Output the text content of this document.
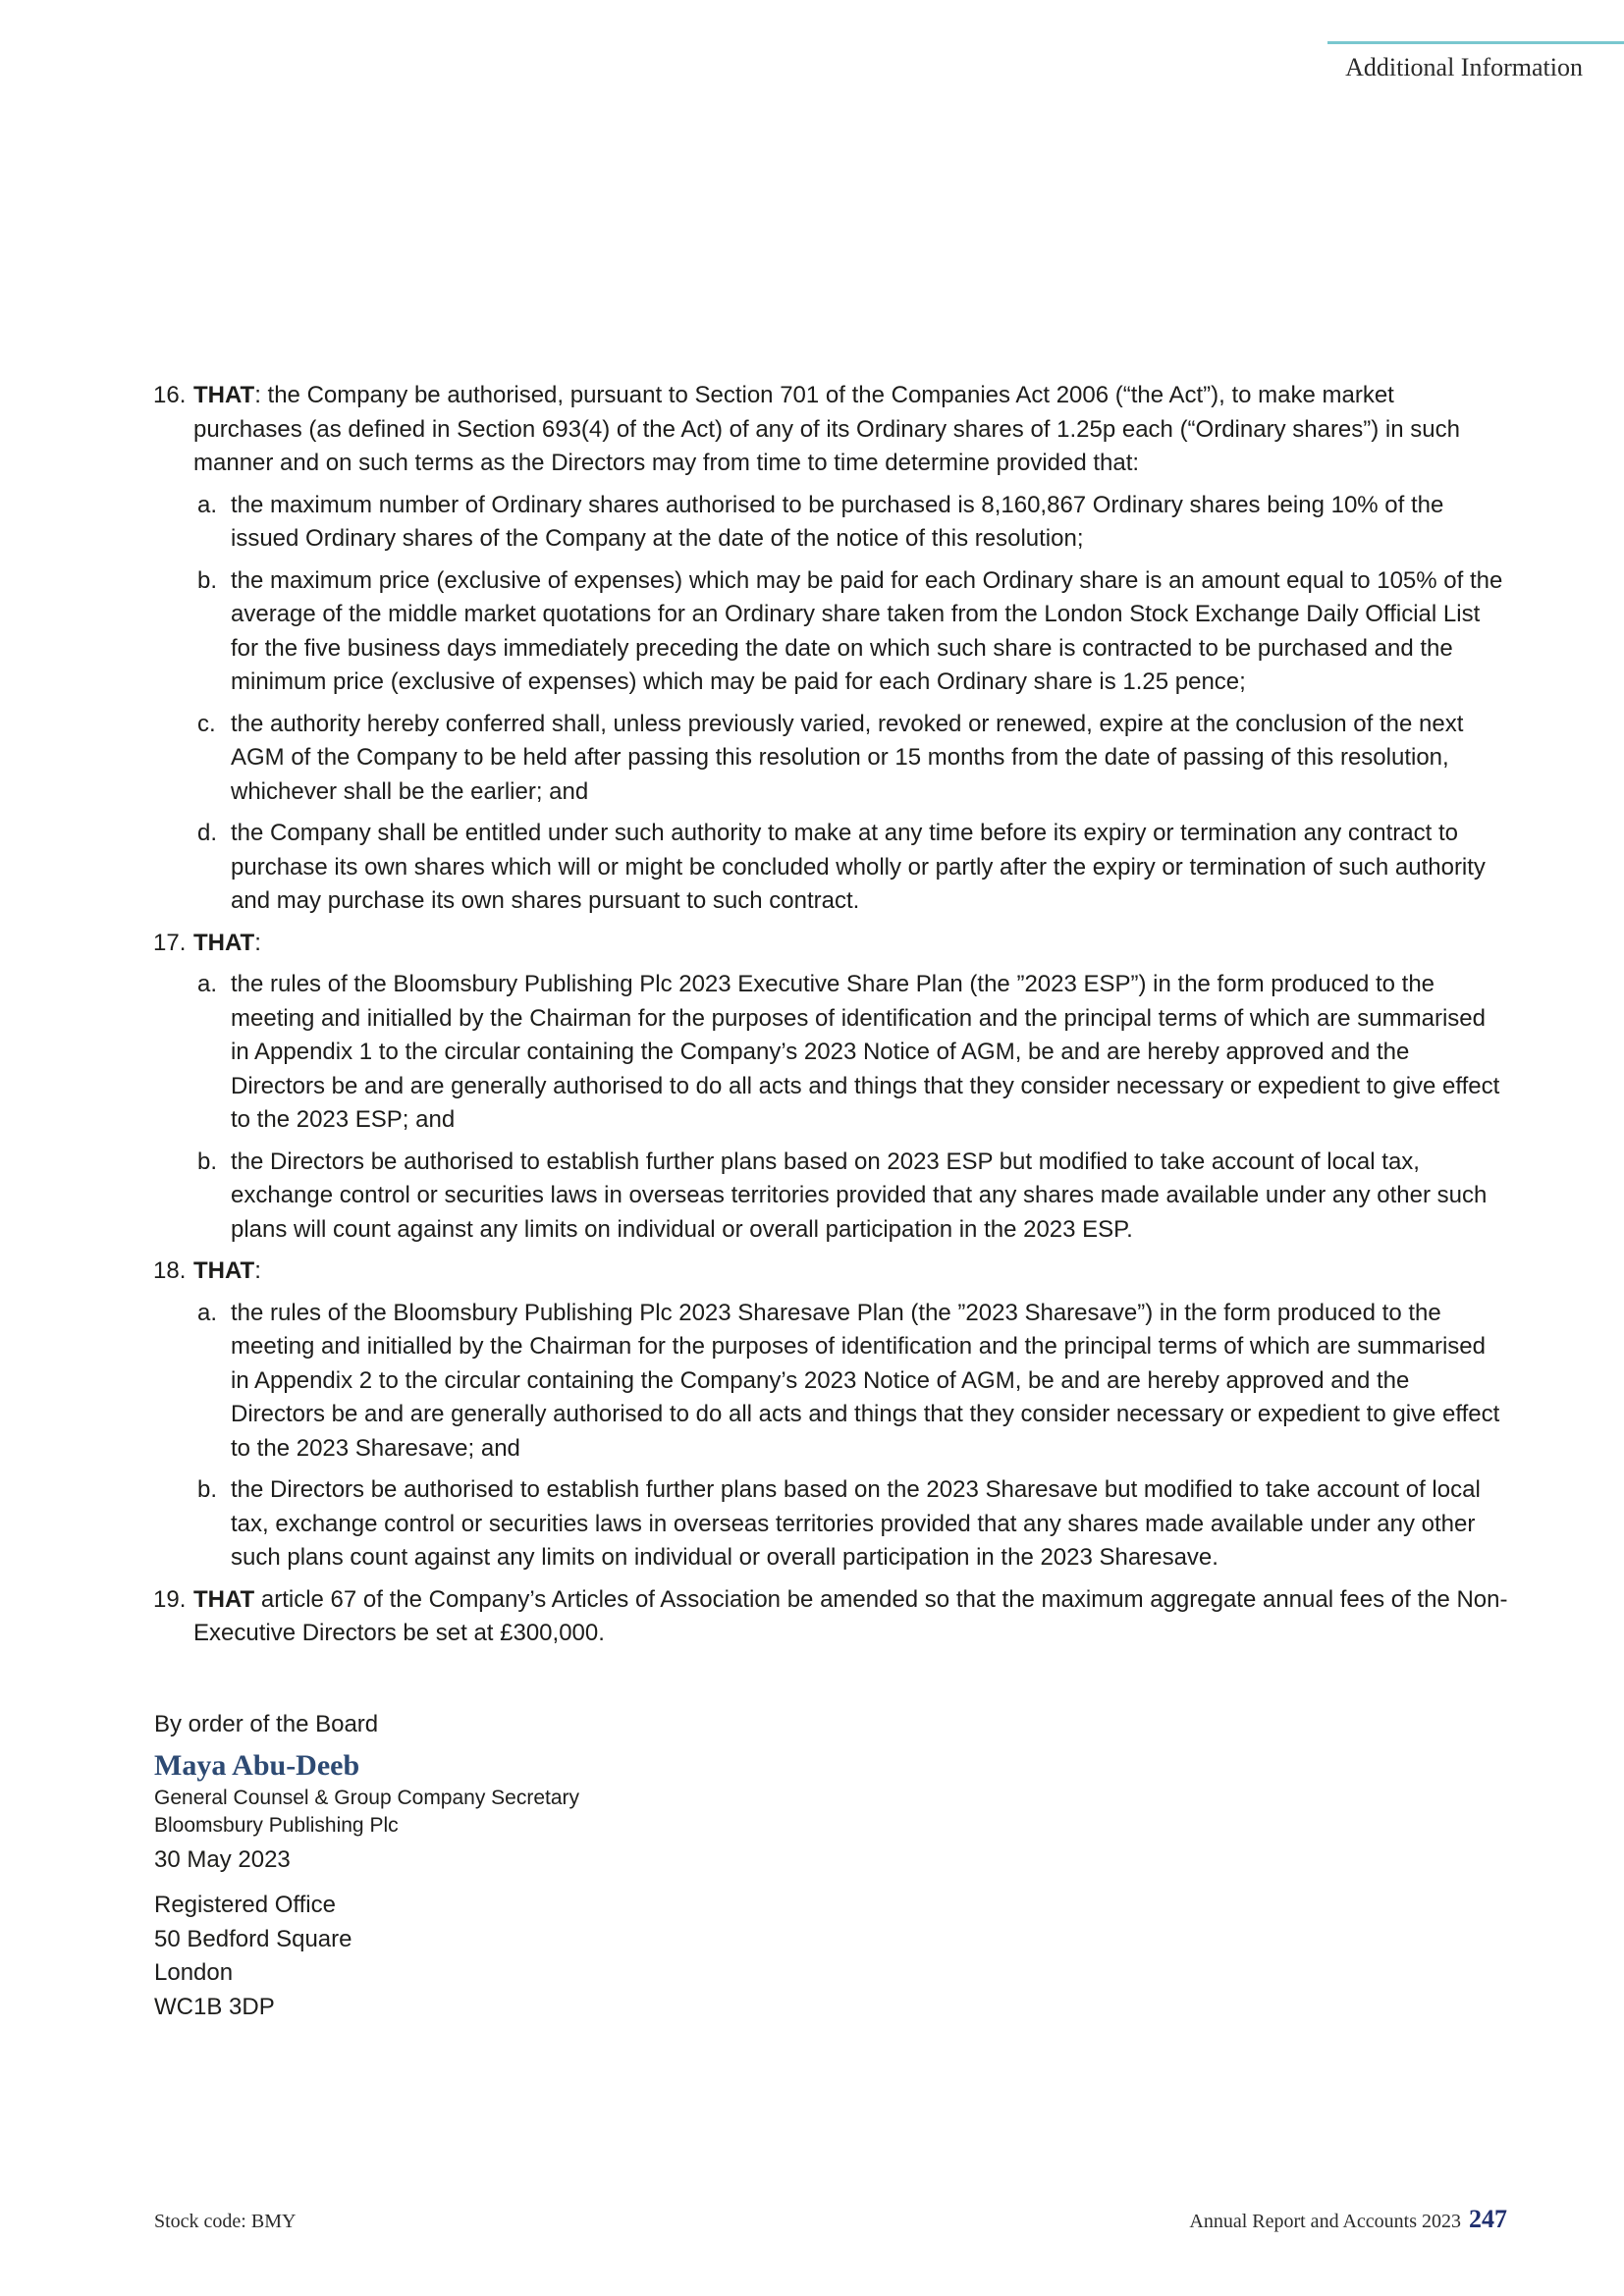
Additional Information
16. THAT: the Company be authorised, pursuant to Section 701 of the Companies Act 2006 (“the Act”), to make market purchases (as defined in Section 693(4) of the Act) of any of its Ordinary shares of 1.25p each (“Ordinary shares”) in such manner and on such terms as the Directors may from time to time determine provided that:
a. the maximum number of Ordinary shares authorised to be purchased is 8,160,867 Ordinary shares being 10% of the issued Ordinary shares of the Company at the date of the notice of this resolution;
b. the maximum price (exclusive of expenses) which may be paid for each Ordinary share is an amount equal to 105% of the average of the middle market quotations for an Ordinary share taken from the London Stock Exchange Daily Official List for the five business days immediately preceding the date on which such share is contracted to be purchased and the minimum price (exclusive of expenses) which may be paid for each Ordinary share is 1.25 pence;
c. the authority hereby conferred shall, unless previously varied, revoked or renewed, expire at the conclusion of the next AGM of the Company to be held after passing this resolution or 15 months from the date of passing of this resolution, whichever shall be the earlier; and
d. the Company shall be entitled under such authority to make at any time before its expiry or termination any contract to purchase its own shares which will or might be concluded wholly or partly after the expiry or termination of such authority and may purchase its own shares pursuant to such contract.
17. THAT:
a. the rules of the Bloomsbury Publishing Plc 2023 Executive Share Plan (the ”2023 ESP”) in the form produced to the meeting and initialled by the Chairman for the purposes of identification and the principal terms of which are summarised in Appendix 1 to the circular containing the Company’s 2023 Notice of AGM, be and are hereby approved and the Directors be and are generally authorised to do all acts and things that they consider necessary or expedient to give effect to the 2023 ESP; and
b. the Directors be authorised to establish further plans based on 2023 ESP but modified to take account of local tax, exchange control or securities laws in overseas territories provided that any shares made available under any other such plans will count against any limits on individual or overall participation in the 2023 ESP.
18. THAT:
a. the rules of the Bloomsbury Publishing Plc 2023 Sharesave Plan (the ”2023 Sharesave”) in the form produced to the meeting and initialled by the Chairman for the purposes of identification and the principal terms of which are summarised in Appendix 2 to the circular containing the Company’s 2023 Notice of AGM, be and are hereby approved and the Directors be and are generally authorised to do all acts and things that they consider necessary or expedient to give effect to the 2023 Sharesave; and
b. the Directors be authorised to establish further plans based on the 2023 Sharesave but modified to take account of local tax, exchange control or securities laws in overseas territories provided that any shares made available under any other such plans count against any limits on individual or overall participation in the 2023 Sharesave.
19. THAT article 67 of the Company’s Articles of Association be amended so that the maximum aggregate annual fees of the Non-Executive Directors be set at £300,000.
By order of the Board
Maya Abu-Deeb
General Counsel & Group Company Secretary
Bloomsbury Publishing Plc
30 May 2023
Registered Office
50 Bedford Square
London
WC1B 3DP
Stock code: BMY	Annual Report and Accounts 2023 247
